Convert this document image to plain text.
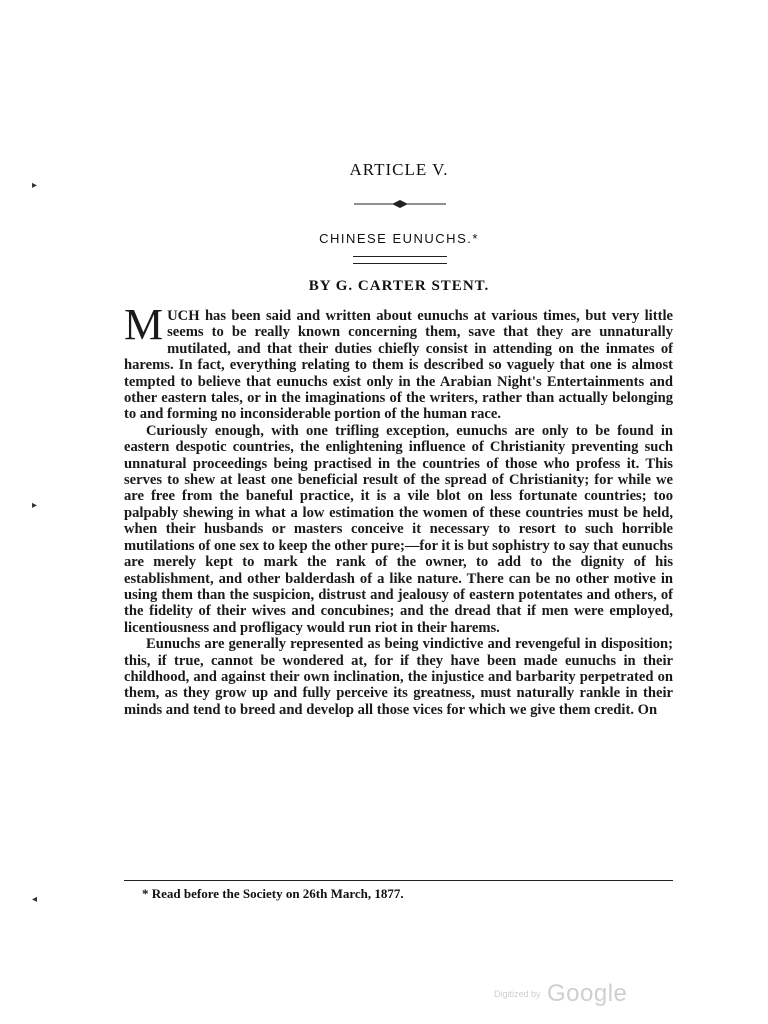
ARTICLE V.
CHINESE EUNUCHS.*
BY G. CARTER STENT.

MUCH has been said and written about eunuchs at various times, but very little seems to be really known concerning them, save that they are unnaturally mutilated, and that their duties chiefly consist in attending on the inmates of harems. In fact, everything relating to them is described so vaguely that one is almost tempted to believe that eunuchs exist only in the Arabian Night's Entertainments and other eastern tales, or in the imaginations of the writers, rather than actually belonging to and forming no inconsiderable portion of the human race.

Curiously enough, with one trifling exception, eunuchs are only to be found in eastern despotic countries, the enlightening influence of Christianity preventing such unnatural proceedings being practised in the countries of those who profess it. This serves to shew at least one beneficial result of the spread of Christianity; for while we are free from the baneful practice, it is a vile blot on less fortunate countries; too palpably shewing in what a low estimation the women of these countries must be held, when their husbands or masters conceive it necessary to resort to such horrible mutilations of one sex to keep the other pure;—for it is but sophistry to say that eunuchs are merely kept to mark the rank of the owner, to add to the dignity of his establishment, and other balderdash of a like nature. There can be no other motive in using them than the suspicion, distrust and jealousy of eastern potentates and others, of the fidelity of their wives and concubines; and the dread that if men were employed, licentiousness and profligacy would run riot in their harems.

Eunuchs are generally represented as being vindictive and revengeful in disposition; this, if true, cannot be wondered at, for if they have been made eunuchs in their childhood, and against their own inclination, the injustice and barbarity perpetrated on them, as they grow up and fully perceive its greatness, must naturally rankle in their minds and tend to breed and develop all those vices for which we give them credit. On

* Read before the Society on 26th March, 1877.
Digitized by Google
▸
▸
◂
